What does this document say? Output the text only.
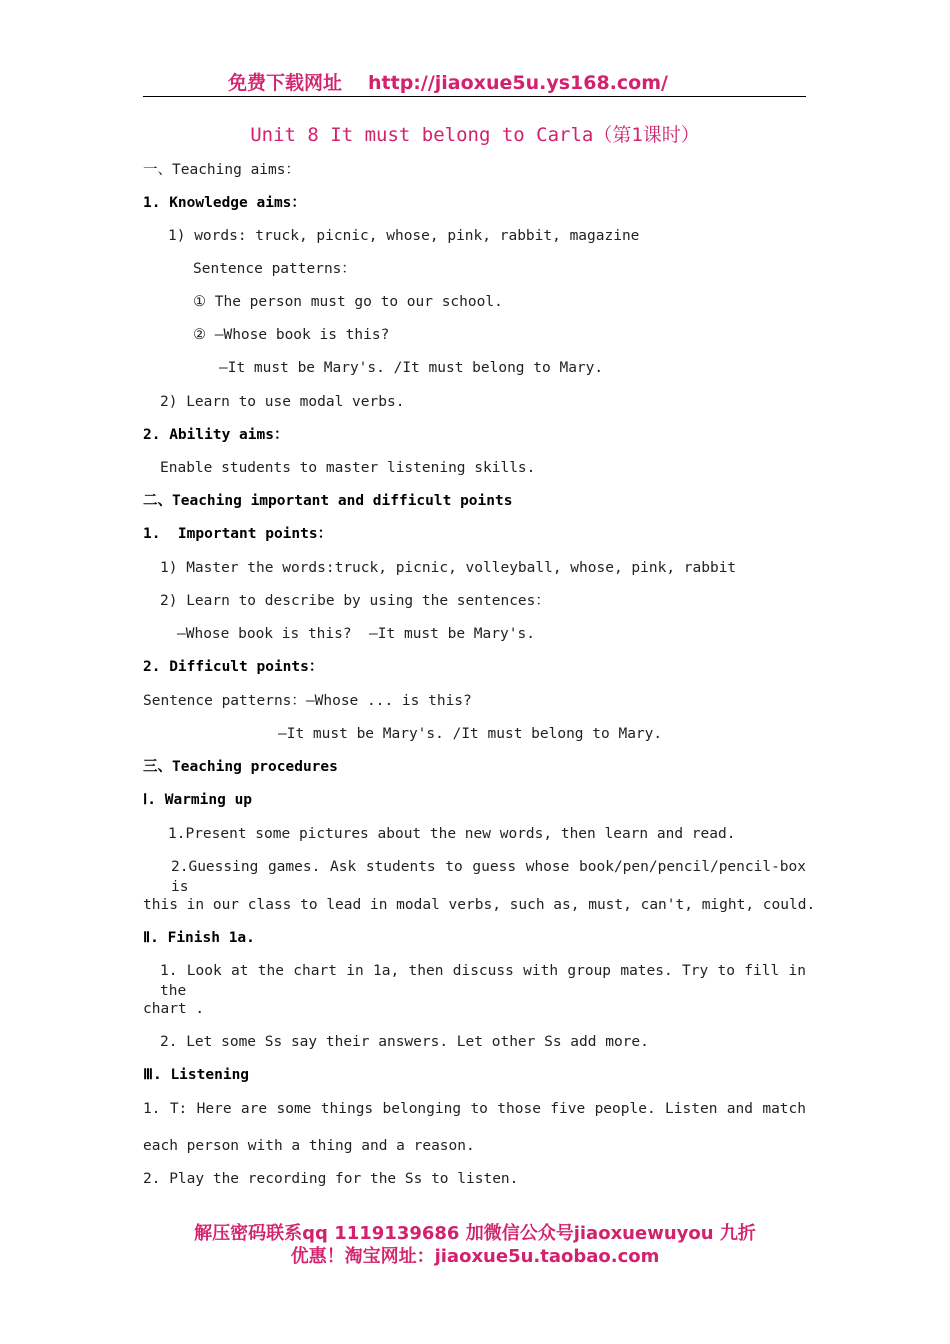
免费下载网址 http://jiaoxue5u.ys168.com/
Unit 8 It must belong to Carla（第1课时）
一、Teaching aims：
1. Knowledge aims：
1) words: truck, picnic, whose, pink, rabbit, magazine
Sentence patterns：
① The person must go to our school.
② —Whose book is this?
—It must be Mary's. /It must belong to Mary.
2) Learn to use modal verbs.
2. Ability aims：
Enable students to master listening skills.
二、Teaching important and difficult points
1.  Important points：
1) Master the words:truck, picnic, volleyball, whose, pink, rabbit
2) Learn to describe by using the sentences：
—Whose book is this?  —It must be Mary's.
2. Difficult points：
Sentence patterns：—Whose ... is this?
—It must be Mary's. /It must belong to Mary.
三、Teaching procedures
Ⅰ. Warming up
1.Present some pictures about the new words, then learn and read.
2.Guessing games. Ask students to guess whose book/pen/pencil/pencil-box is
this in our class to lead in modal verbs, such as, must, can't, might, could.
Ⅱ. Finish 1a.
1. Look at the chart in 1a, then discuss with group mates. Try to fill in the
chart .
2. Let some Ss say their answers. Let other Ss add more.
Ⅲ. Listening
1. T: Here are some things belonging to those five people. Listen and match
each person with a thing and a reason.
2. Play the recording for the Ss to listen.
解压密码联系qq 1119139686 加微信公众号jiaoxuewuyou 九折
优惠！淘宝网址：jiaoxue5u.taobao.com
